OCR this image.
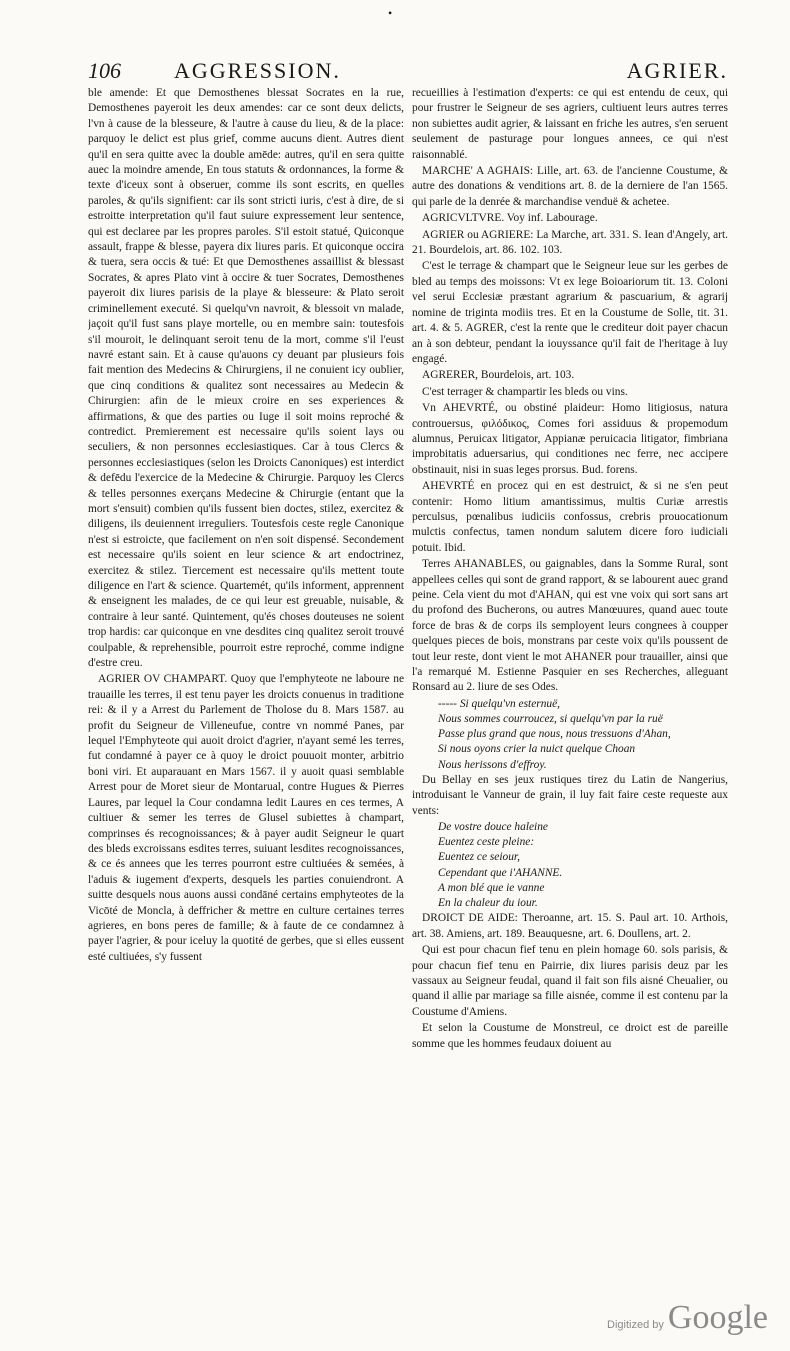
•
106 AGGRESSION.	AGRIER.

ble amende: Et que Demosthenes blessat Socrates en la rue, Demosthenes payeroit les deux amendes: car ce sont deux delicts, l'vn à cause de la blesseure, & l'autre à cause du lieu, & de la place: parquoy le delict est plus grief, comme aucuns dient. Autres dient qu'il en sera quitte avec la double amēde: autres, qu'il en sera quitte auec la moindre amende, En tous statuts & ordonnances, la forme & texte d'iceux sont à obseruer, comme ils sont escrits, en quelles paroles, & qu'ils signifient: car ils sont stricti iuris, c'est à dire, de si estroitte interpretation qu'il faut suiure expressement leur sentence, qui est declaree par les propres paroles. S'il estoit statué, Quiconque assault, frappe & blesse, payera dix liures paris. Et quiconque occira & tuera, sera occis & tué: Et que Demosthenes assaillist & blessast Socrates, & apres Plato vint à occire & tuer Socrates, Demosthenes payeroit dix liures parisis de la playe & blesseure: & Plato seroit criminellement executé. Si quelqu'vn navroit, & blessoit vn malade, jaçoit qu'il fust sans playe mortelle, ou en membre sain: toutesfois s'il mouroit, le delinquant seroit tenu de la mort, comme s'il l'eust navré estant sain. Et à cause qu'auons cy deuant par plusieurs fois fait mention des Medecins & Chirurgiens, il ne conuient icy oublier, que cinq conditions & qualitez sont necessaires au Medecin & Chirurgien: afin de le mieux croire en ses experiences & affirmations, & que des parties ou Iuge il soit moins reproché & contredict. Premierement est necessaire qu'ils soient lays ou seculiers, & non personnes ecclesiastiques. Car à tous Clercs & personnes ecclesiastiques (selon les Droicts Canoniques) est interdict & defēdu l'exercice de la Medecine & Chirurgie. Parquoy les Clercs & telles personnes exerçans Medecine & Chirurgie (entant que la mort s'ensuit) combien qu'ils fussent bien doctes, stilez, exercitez & diligens, ils deuiennent irreguliers. Toutesfois ceste regle Canonique n'est si estroicte, que facilement on n'en soit dispensé. Secondement est necessaire qu'ils soient en leur science & art endoctrinez, exercitez & stilez. Tiercement est necessaire qu'ils mettent toute diligence en l'art & science. Quartemét, qu'ils informent, apprennent & enseignent les malades, de ce qui leur est greuable, nuisable, & contraire à leur santé. Quintement, qu'és choses douteuses ne soient trop hardis: car quiconque en vne desdites cinq qualitez seroit trouvé coulpable, & reprehensible, pourroit estre reproché, comme indigne d'estre creu.

AGRIER OV CHAMPART. Quoy que l'emphyteote ne laboure ne trauaille les terres, il est tenu payer les droicts conuenus in traditione rei: & il y a Arrest du Parlement de Tholose du 8. Mars 1587. au profit du Seigneur de Villeneufue, contre vn nommé Panes, par lequel l'Emphyteote qui auoit droict d'agrier, n'ayant semé les terres, fut condamné à payer ce à quoy le droict pouuoit monter, arbitrio boni viri. Et auparauant en Mars 1567. il y auoit quasi semblable Arrest pour de Moret sieur de Montarual, contre Hugues & Pierres Laures, par lequel la Cour condamna ledit Laures en ces termes, A cultiuer & semer les terres de Glusel subiettes à champart, comprinses és recognoissances; & à payer audit Seigneur le quart des bleds excroissans esdites terres, suiuant lesdites recognoissances, & ce és annees que les terres pourront estre cultiuées & semées, à l'aduis & iugement d'experts, desquels les parties conuiendront. A suitte desquels nous auons aussi condāné certains emphyteotes de la Vicōté de Moncla, à deffricher & mettre en culture certaines terres agrieres, en bons peres de famille; & à faute de ce condamnez à payer l'agrier, & pour iceluy la quotité de gerbes, que si elles eussent esté cultiuées, s'y fussent

recueillies à l'estimation d'experts: ce qui est entendu de ceux, qui pour frustrer le Seigneur de ses agriers, cultiuent leurs autres terres non subiettes audit agrier, & laissant en friche les autres, s'en seruent seulement de pasturage pour longues annees, ce qui n'est raisonnablé.

MARCHE' A AGHAIS: Lille, art. 63. de l'ancienne Coustume, & autre des donations & venditions art. 8. de la derniere de l'an 1565. qui parle de la denrée & marchandise venduë & achetee.

AGRICVLTVRE. Voy inf. Labourage.

AGRIER ou AGRIERE: La Marche, art. 331. S. Iean d'Angely, art. 21. Bourdelois, art. 86. 102. 103.

C'est le terrage & champart que le Seigneur leue sur les gerbes de bled au temps des moissons: Vt ex lege Boioariorum tit. 13. Coloni vel serui Ecclesiæ præstant agrarium & pascuarium, & agrarij nomine de triginta modiis tres. Et en la Coustume de Solle, tit. 31. art. 4. & 5. AGRER, c'est la rente que le crediteur doit payer chacun an à son debteur, pendant la iouyssance qu'il fait de l'heritage à luy engagé.

AGRERER, Bourdelois, art. 103.

C'est terrager & champartir les bleds ou vins.

Vn AHEVRTÉ, ou obstiné plaideur: Homo litigiosus, natura controuersus, φιλόδικος, Comes fori assiduus & propemodum alumnus, Peruicax litigator, Appianæ peruicacia litigator, fimbriana improbitatis aduersarius, qui conditiones nec ferre, nec accipere obstinauit, nisi in suas leges prorsus. Bud. forens.

AHEVRTÉ en procez qui en est destruict, & si ne s'en peut contenir: Homo litium amantissimus, multis Curiæ arrestis perculsus, pœnalibus iudiciis confossus, crebris prouocationum mulctis confectus, tamen nondum salutem dicere foro iudiciali potuit. Ibid.

Terres AHANABLES, ou gaignables, dans la Somme Rural, sont appellees celles qui sont de grand rapport, & se labourent auec grand peine. Cela vient du mot d'AHAN, qui est vne voix qui sort sans art du profond des Bucherons, ou autres Manœuures, quand auec toute force de bras & de corps ils semployent leurs congnees à coupper quelques pieces de bois, monstrans par ceste voix qu'ils poussent de tout leur reste, dont vient le mot AHANER pour trauailler, ainsi que l'a remarqué M. Estienne Pasquier en ses Recherches, alleguant Ronsard au 2. liure de ses Odes.

----- Si quelqu'vn esternuë,
Nous sommes courroucez, si quelqu'vn par la ruë
Passe plus grand que nous, nous tressuons d'Ahan,
Si nous oyons crier la nuict quelque Choan
Nous herissons d'effroy.

Du Bellay en ses jeux rustiques tirez du Latin de Nangerius, introduisant le Vanneur de grain, il luy fait faire ceste requeste aux vents:

De vostre douce haleine
Euentez ceste pleine:
Euentez ce seiour,
Cependant que i'AHANNE.
A mon blé que ie vanne
En la chaleur du iour.

DROICT DE AIDE: Theroanne, art. 15. S. Paul art. 10. Arthois, art. 38. Amiens, art. 189. Beauquesne, art. 6. Doullens, art. 2.

Qui est pour chacun fief tenu en plein homage 60. sols parisis, & pour chacun fief tenu en Pairrie, dix liures parisis deuz par les vassaux au Seigneur feudal, quand il fait son fils aisné Cheualier, ou quand il allie par mariage sa fille aisnée, comme il est contenu par la Coustume d'Amiens.

Et selon la Coustume de Monstreul, ce droict est de pareille somme que les hommes feudaux doiuent au

Digitized by Google
